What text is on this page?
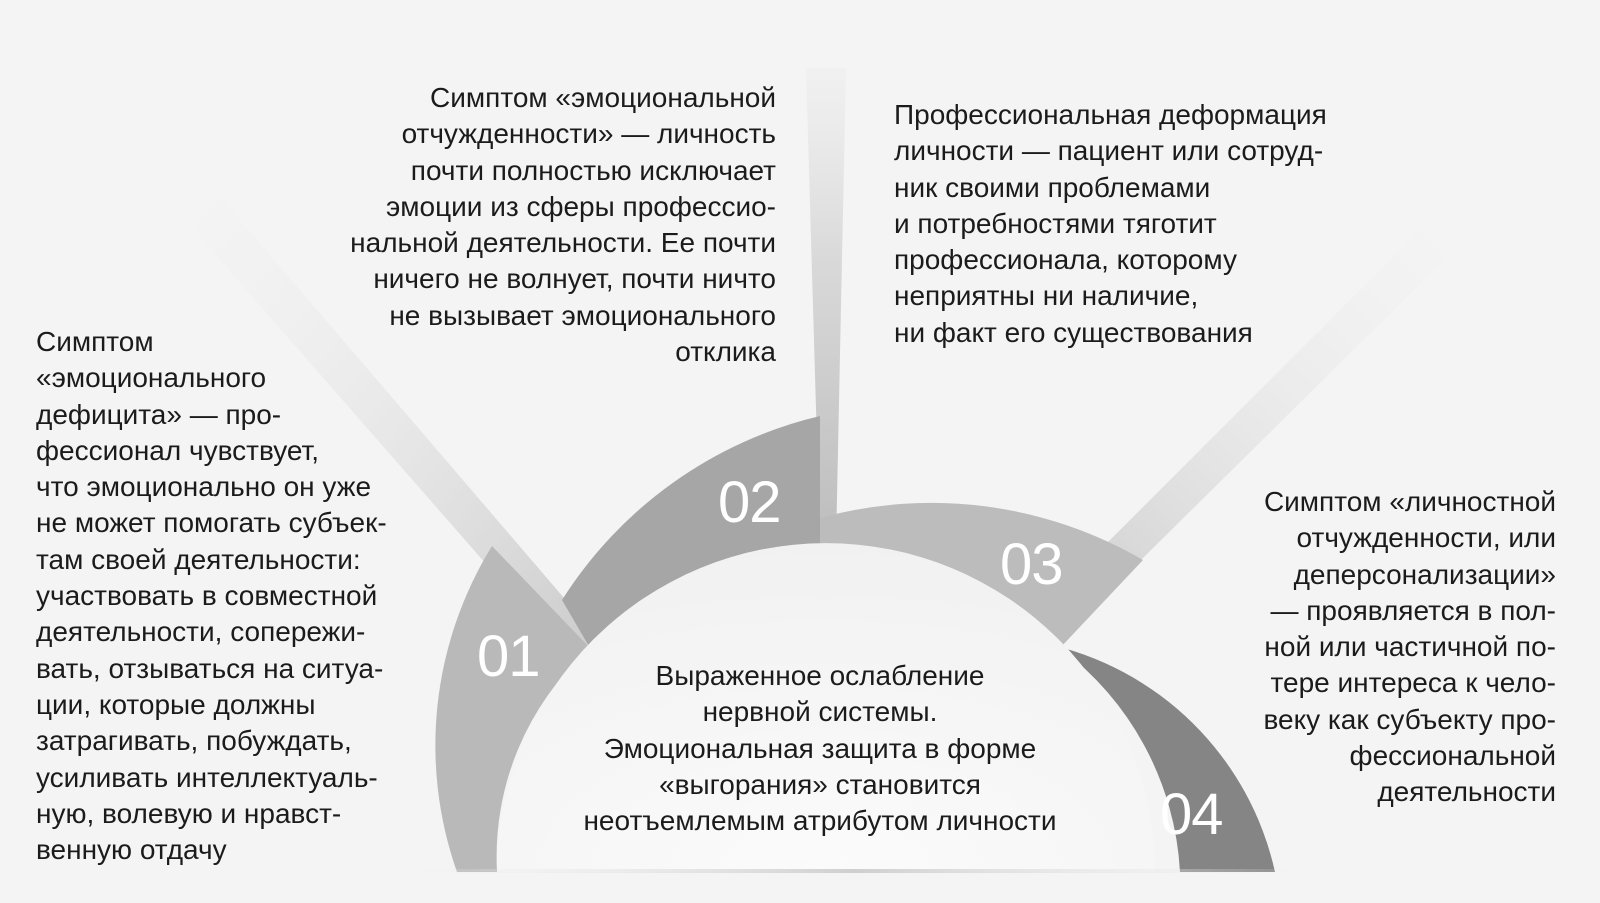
01
02
03
04
Симптом
«эмоционального
дефицита» — про-
фессионал чувствует,
что эмоционально он уже
не может помогать субъек-
там своей деятельности:
участвовать в совместной
деятельности, сопережи-
вать, отзываться на ситуа-
ции, которые должны
затрагивать, побуждать,
усиливать интеллектуаль-
ную, волевую и нравст-
венную отдачу
Симптом «эмоциональной
отчужденности» — личность
почти полностью исключает
эмоции из сферы профессио-
нальной деятельности. Ее почти
ничего не волнует, почти ничто
не вызывает эмоционального
отклика
Профессиональная деформация
личности — пациент или сотруд-
ник своими проблемами
и потребностями тяготит
профессионала, которому
неприятны ни наличие,
ни факт его существования
Симптом «личностной
отчужденности, или
деперсонализации»
— проявляется в пол-
ной или частичной по-
тере интереса к чело-
веку как субъекту про-
фессиональной
деятельности
Выраженное ослабление
нервной системы.
Эмоциональная защита в форме
«выгорания» становится
неотъемлемым атрибутом личности
